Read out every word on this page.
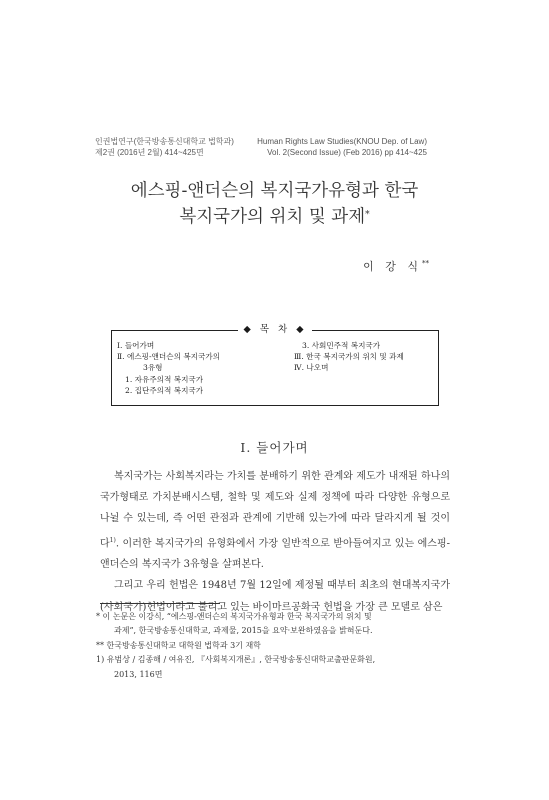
인권법연구(한국방송통신대학교 법학과)
제2권 (2016년 2월) 414~425면
Human Rights Law Studies(KNOU Dep. of Law)
Vol. 2(Second Issue) (Feb 2016) pp 414~425
에스핑-앤더슨의 복지국가유형과 한국
복지국가의 위치 및 과제*
이 강 식**
◆ 목 차 ◆
Ⅰ. 들어가며
Ⅱ. 에스핑-앤더슨의 복지국가의
3유형
1. 자유주의적 복지국가
2. 집단주의적 복지국가
3. 사회민주적 복지국가
Ⅲ. 한국 복지국가의 위치 및 과제
Ⅳ. 나오며
Ⅰ. 들어가며

복지국가는 사회복지라는 가치를 분배하기 위한 관계와 제도가 내재된 하나의 국가형태로 가치분배시스템, 철학 및 제도와 실제 정책에 따라 다양한 유형으로 나뉠 수 있는데, 즉 어떤 관점과 관계에 기반해 있는가에 따라 달라지게 될 것이다$^{1)}$. 이러한 복지국가의 유형화에서 가장 일반적으로 받아들여지고 있는 에스핑-앤더슨의 복지국가 3유형을 살펴본다.

그리고 우리 헌법은 1948년 7월 12일에 제정될 때부터 최초의 현대복지국가(사회국가)헌법이라고 불리고 있는 바이마르공화국 헌법을 가장 큰 모델로 삼은

* 이 논문은 이강식, “에스핑-앤더슨의 복지국가유형과 한국 복지국가의 위치 및
과제”, 한국방송통신대학교, 과제물, 2015을 요약·보완하였음을 밝혀둔다.
** 한국방송통신대학교 대학원 법학과 3기 재학
1) 유범상 / 김종해 / 여유진, 『사회복지개론』, 한국방송통신대학교출판문화원,
2013, 116면
